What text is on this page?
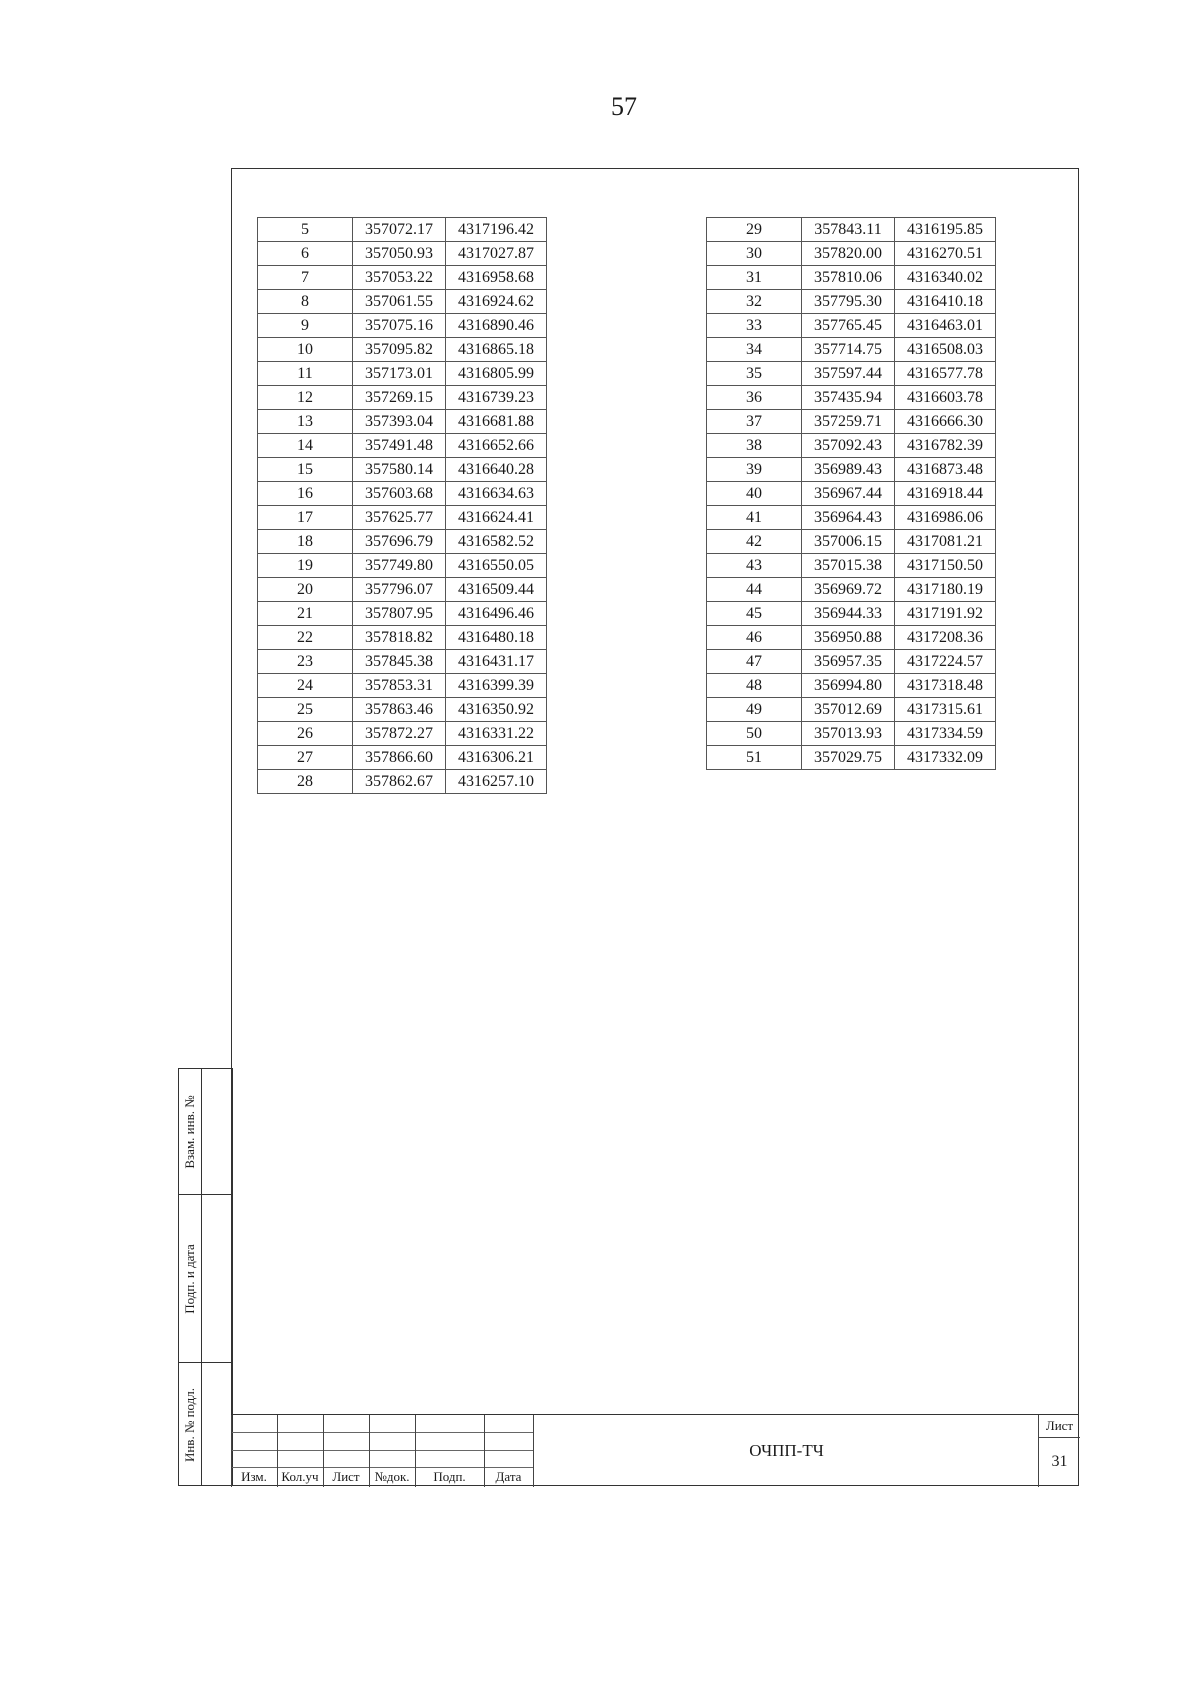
57
5	357072.17	4317196.42
6	357050.93	4317027.87
7	357053.22	4316958.68
8	357061.55	4316924.62
9	357075.16	4316890.46
10	357095.82	4316865.18
11	357173.01	4316805.99
12	357269.15	4316739.23
13	357393.04	4316681.88
14	357491.48	4316652.66
15	357580.14	4316640.28
16	357603.68	4316634.63
17	357625.77	4316624.41
18	357696.79	4316582.52
19	357749.80	4316550.05
20	357796.07	4316509.44
21	357807.95	4316496.46
22	357818.82	4316480.18
23	357845.38	4316431.17
24	357853.31	4316399.39
25	357863.46	4316350.92
26	357872.27	4316331.22
27	357866.60	4316306.21
28	357862.67	4316257.10
29	357843.11	4316195.85
30	357820.00	4316270.51
31	357810.06	4316340.02
32	357795.30	4316410.18
33	357765.45	4316463.01
34	357714.75	4316508.03
35	357597.44	4316577.78
36	357435.94	4316603.78
37	357259.71	4316666.30
38	357092.43	4316782.39
39	356989.43	4316873.48
40	356967.44	4316918.44
41	356964.43	4316986.06
42	357006.15	4317081.21
43	357015.38	4317150.50
44	356969.72	4317180.19
45	356944.33	4317191.92
46	356950.88	4317208.36
47	356957.35	4317224.57
48	356994.80	4317318.48
49	357012.69	4317315.61
50	357013.93	4317334.59
51	357029.75	4317332.09
Взам. инв. №
Подп. и дата
Инв. № подл.
Изм.	Кол.уч	Лист	№док.	Подп.	Дата
ОЧПП-ТЧ
Лист
31
